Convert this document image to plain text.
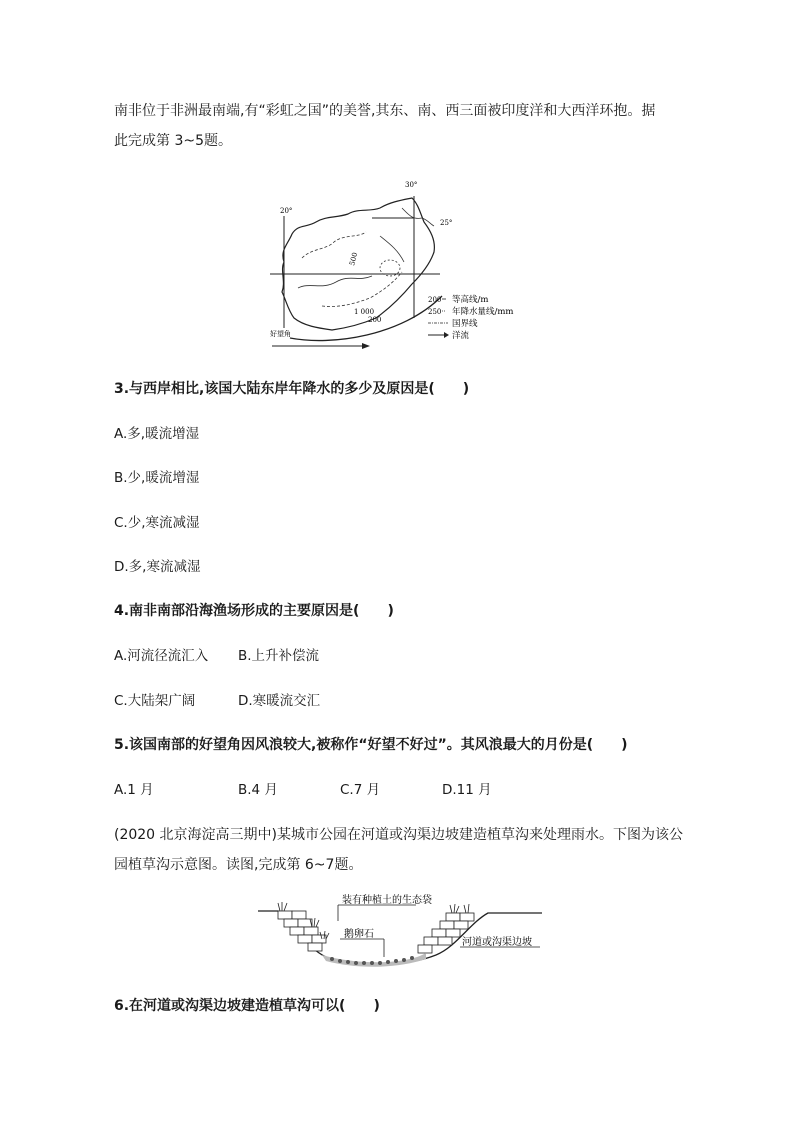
南非位于非洲最南端,有“彩虹之国”的美誉,其东、南、西三面被印度洋和大西洋环抱。据
此完成第 3~5题。
20°
30°
25°
500
1 000
200
好望角
200 等高线/m
250 年降水量线/mm
国界线
洋流
3.与西岸相比,该国大陆东岸年降水的多少及原因是(　　)
A.多,暖流增湿
B.少,暖流增湿
C.少,寒流减湿
D.多,寒流减湿
4.南非南部沿海渔场形成的主要原因是(　　)
A.河流径流汇入 B.上升补偿流
C.大陆架广阔	D.寒暖流交汇
5.该国南部的好望角因风浪较大,被称作“好望不好过”。其风浪最大的月份是(　　)
A.1 月	B.4 月	C.7 月	D.11 月
(2020 北京海淀高三期中)某城市公园在河道或沟渠边坡建造植草沟来处理雨水。下图为该公
园植草沟示意图。读图,完成第 6~7题。
装有种植土的生态袋
鹅卵石
河道或沟渠边坡
6.在河道或沟渠边坡建造植草沟可以(　　)
